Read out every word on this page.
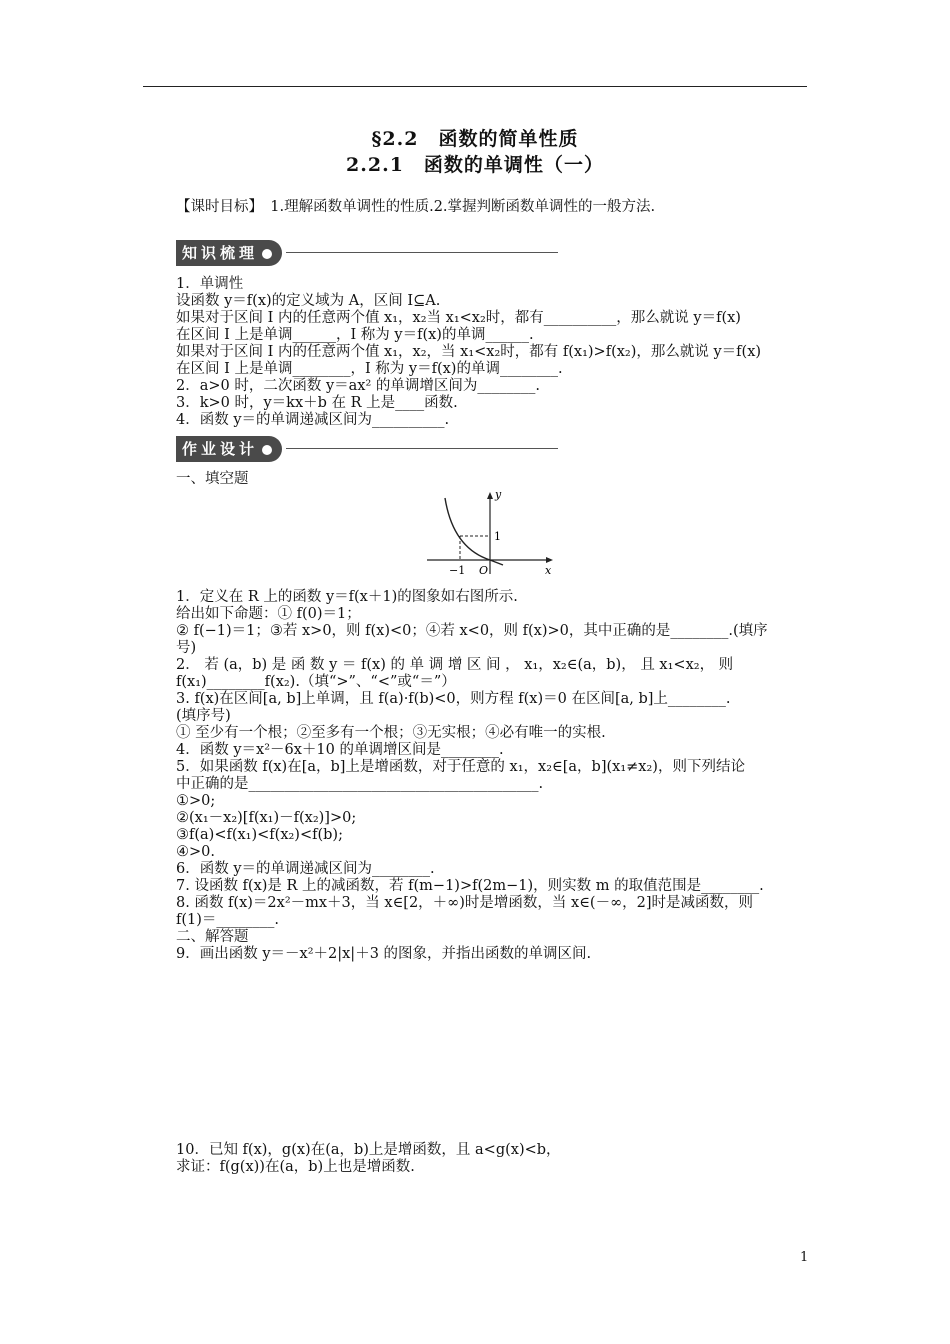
§2.2　函数的简单性质
2.2.1　函数的单调性（一）
【课时目标】　1.理解函数单调性的性质.2.掌握判断函数单调性的一般方法.
知识梳理
1．单调性
设函数 y＝f(x)的定义域为 A，区间 I⊆A.
如果对于区间 I 内的任意两个值 x₁，x₂当 x₁<x₂时，都有__________，那么就说 y＝f(x)
在区间 I 上是单调______，I 称为 y＝f(x)的单调______.
如果对于区间 I 内的任意两个值 x₁，x₂，当 x₁<x₂时，都有 f(x₁)>f(x₂)，那么就说 y＝f(x)
在区间 I 上是单调________，I 称为 y＝f(x)的单调________.
2．a>0 时，二次函数 y＝ax² 的单调增区间为________.
3．k>0 时，y＝kx＋b 在 R 上是____函数.
4．函数 y＝的单调递减区间为__________.
作业设计
一、填空题
y
x
1
−1 O
1．定义在 R 上的函数 y＝f(x＋1)的图象如右图所示.
给出如下命题：① f(0)＝1；
② f(−1)＝1；③若 x>0，则 f(x)<0；④若 x<0，则 f(x)>0，其中正确的是________.(填序
号)
2． 若 (a，b) 是 函 数 y ＝ f(x) 的 单 调 增 区 间 ， x₁，x₂∈(a，b)， 且 x₁<x₂， 则
f(x₁)________f(x₂).（填“>”、“<”或“＝”）
3. f(x)在区间[a, b]上单调，且 f(a)·f(b)<0，则方程 f(x)＝0 在区间[a, b]上________.
(填序号)
① 至少有一个根；②至多有一个根；③无实根；④必有唯一的实根.
4．函数 y＝x²－6x＋10 的单调增区间是________.
5．如果函数 f(x)在[a，b]上是增函数，对于任意的 x₁，x₂∈[a，b](x₁≠x₂)，则下列结论
中正确的是________________________________________.
①>0;
②(x₁－x₂)[f(x₁)－f(x₂)]>0;
③f(a)<f(x₁)<f(x₂)<f(b);
④>0.
6．函数 y＝的单调递减区间为________.
7. 设函数 f(x)是 R 上的减函数，若 f(m−1)>f(2m−1)，则实数 m 的取值范围是________.
8. 函数 f(x)＝2x²－mx＋3，当 x∈[2，＋∞)时是增函数，当 x∈(－∞，2]时是减函数，则
f(1)＝________.
二、解答题
9．画出函数 y＝－x²＋2|x|＋3 的图象，并指出函数的单调区间.
10．已知 f(x)，g(x)在(a，b)上是增函数，且 a<g(x)<b，
求证：f(g(x))在(a，b)上也是增函数.
1
